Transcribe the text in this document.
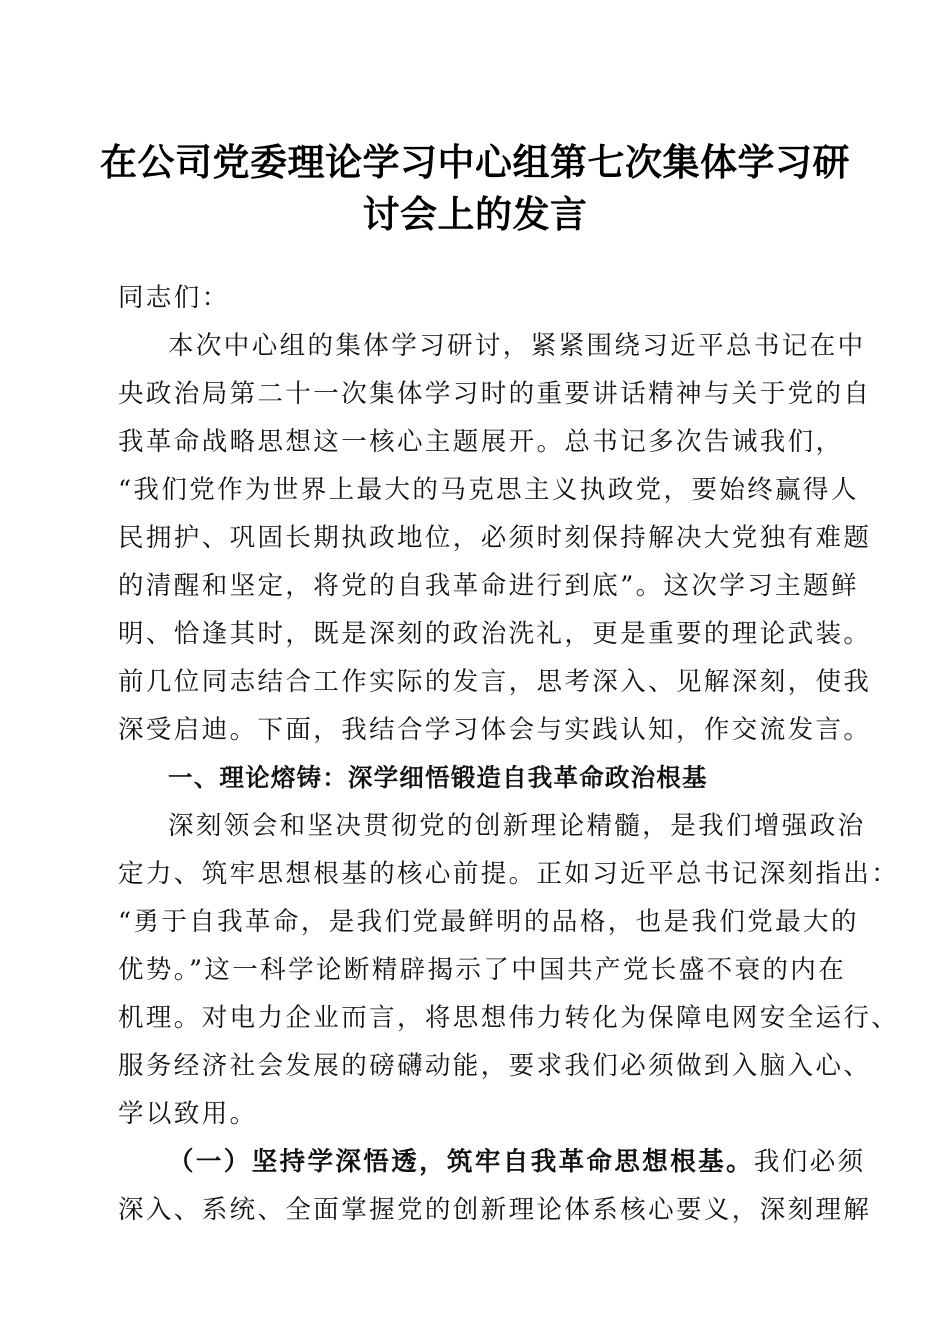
在公司党委理论学习中心组第七次集体学习研
讨会上的发言
同志们：
本次中心组的集体学习研讨，紧紧围绕习近平总书记在中
央政治局第二十一次集体学习时的重要讲话精神与关于党的自
我革命战略思想这一核心主题展开。总书记多次告诫我们，
“我们党作为世界上最大的马克思主义执政党，要始终赢得人
民拥护、巩固长期执政地位，必须时刻保持解决大党独有难题
的清醒和坚定，将党的自我革命进行到底”。这次学习主题鲜
明、恰逢其时，既是深刻的政治洗礼，更是重要的理论武装。
前几位同志结合工作实际的发言，思考深入、见解深刻，使我
深受启迪。下面，我结合学习体会与实践认知，作交流发言。
一、理论熔铸：深学细悟锻造自我革命政治根基
深刻领会和坚决贯彻党的创新理论精髓，是我们增强政治
定力、筑牢思想根基的核心前提。正如习近平总书记深刻指出：
“勇于自我革命，是我们党最鲜明的品格，也是我们党最大的
优势。”这一科学论断精辟揭示了中国共产党长盛不衰的内在
机理。对电力企业而言，将思想伟力转化为保障电网安全运行、
服务经济社会发展的磅礴动能，要求我们必须做到入脑入心、
学以致用。
（一）坚持学深悟透，筑牢自我革命思想根基。我们必须
深入、系统、全面掌握党的创新理论体系核心要义，深刻理解
